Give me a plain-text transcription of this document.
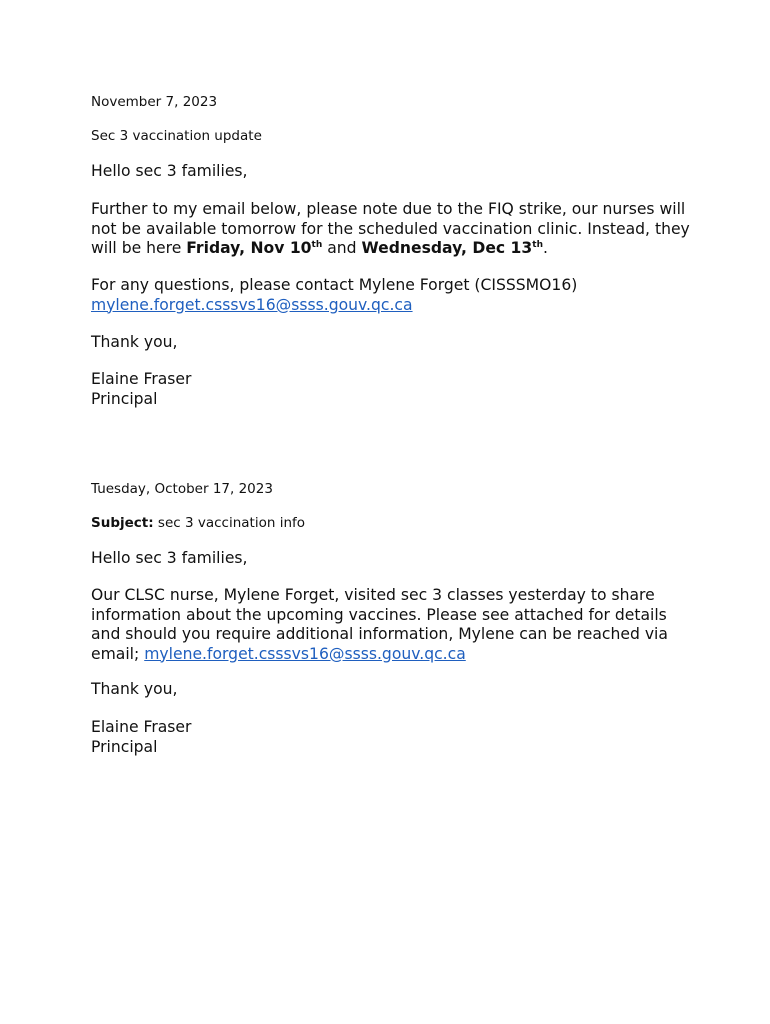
November 7, 2023

Sec 3 vaccination update

Hello sec 3 families,

Further to my email below, please note due to the FIQ strike, our nurses will not be available tomorrow for the scheduled vaccination clinic. Instead, they will be here Friday, Nov 10th and Wednesday, Dec 13th.

For any questions, please contact Mylene Forget (CISSSMO16)
mylene.forget.csssvs16@ssss.gouv.qc.ca

Thank you,

Elaine Fraser
Principal

Tuesday, October 17, 2023

Subject: sec 3 vaccination info

Hello sec 3 families,

Our CLSC nurse, Mylene Forget, visited sec 3 classes yesterday to share information about the upcoming vaccines. Please see attached for details and should you require additional information, Mylene can be reached via email; mylene.forget.csssvs16@ssss.gouv.qc.ca

Thank you,

Elaine Fraser
Principal
